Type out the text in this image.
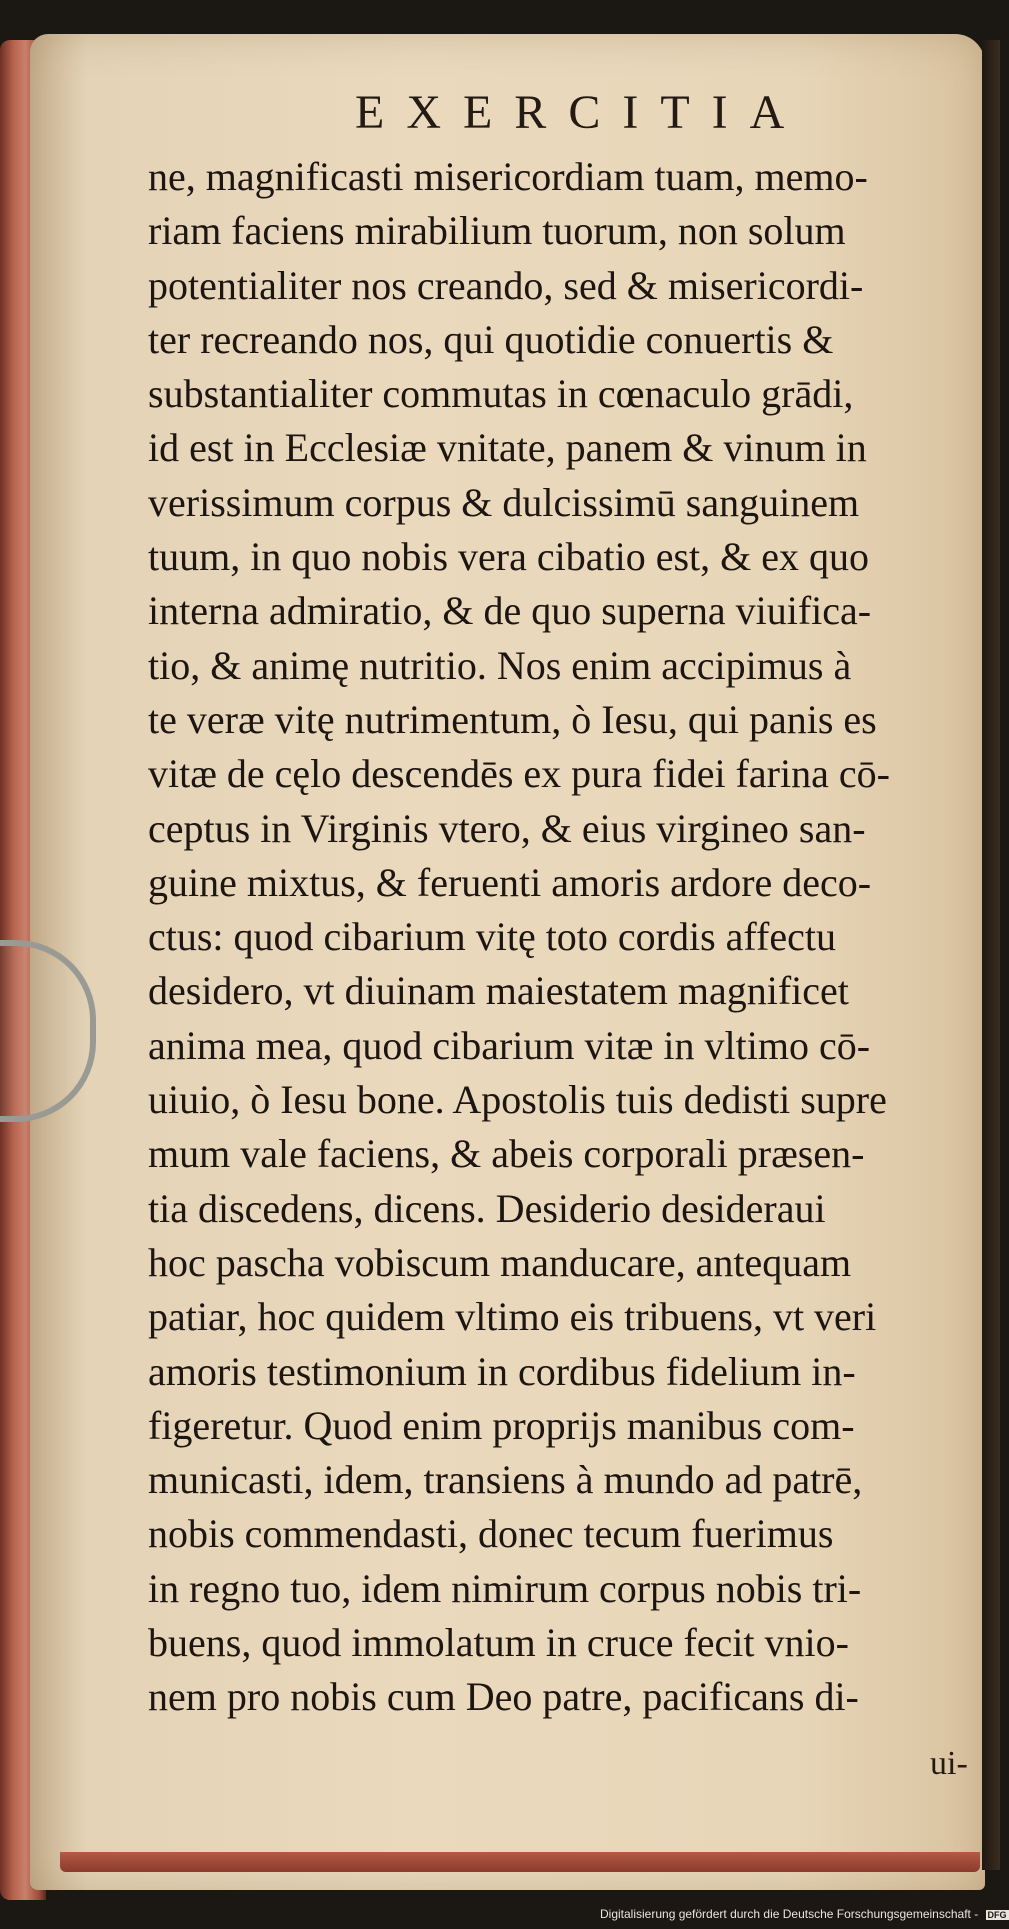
EXERCITIA
ne, magnificasti misericordiam tuam, memo-
riam faciens mirabilium tuorum, non solum
potentialiter nos creando, sed & misericordi-
ter recreando nos, qui quotidie conuertis &
substantialiter commutas in cœnaculo grādi,
id est in Ecclesiæ vnitate, panem & vinum in
verissimum corpus & dulcissimū sanguinem
tuum, in quo nobis vera cibatio est, & ex quo
interna admiratio, & de quo superna viuifica-
tio, & animę nutritio. Nos enim accipimus à
te veræ vitę nutrimentum, ò Iesu, qui panis es
vitæ de cęlo descendēs ex pura fidei farina cō-
ceptus in Virginis vtero, & eius virgineo san-
guine mixtus, & feruenti amoris ardore deco-
ctus: quod cibarium vitę toto cordis affectu
desidero, vt diuinam maiestatem magnificet
anima mea, quod cibarium vitæ in vltimo cō-
uiuio, ò Iesu bone. Apostolis tuis dedisti supre
mum vale faciens, & abeis corporali præsen-
tia discedens, dicens. Desiderio desideraui
hoc pascha vobiscum manducare, antequam
patiar, hoc quidem vltimo eis tribuens, vt veri
amoris testimonium in cordibus fidelium in-
figeretur. Quod enim proprijs manibus com-
municasti, idem, transiens à mundo ad patrē,
nobis commendasti, donec tecum fuerimus
in regno tuo, idem nimirum corpus nobis tri-
buens, quod immolatum in cruce fecit vnio-
nem pro nobis cum Deo patre, pacificans di-
ui-
Digitalisierung gefördert durch die Deutsche Forschungsgemeinschaft - DFG
